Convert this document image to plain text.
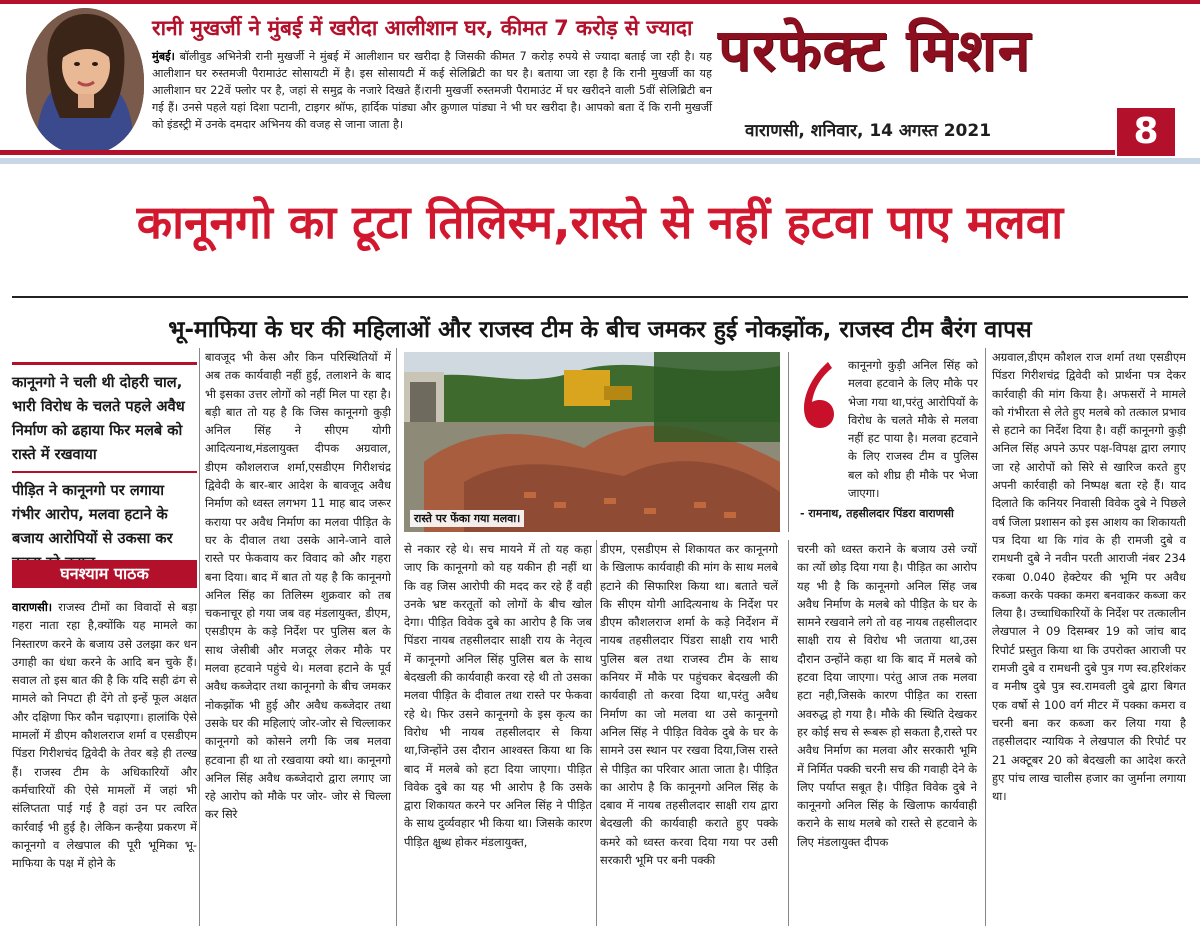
रानी मुखर्जी ने मुंबई में खरीदा आलीशान घर, कीमत 7 करोड़ से ज्यादा
मुंबई। बॉलीवुड अभिनेत्री रानी मुखर्जी ने मुंबई में आलीशान घर खरीदा है जिसकी कीमत 7 करोड़ रुपये से ज्यादा बताई जा रही है। यह आलीशान घर रुस्तमजी पैरामाउंट सोसायटी में है। इस सोसायटी में कई सेलिब्रिटी का घर है। बताया जा रहा है कि रानी मुखर्जी का यह आलीशान घर 22वें फ्लोर पर है, जहां से समुद्र के नजारे दिखते हैं।रानी मुखर्जी रुस्तमजी पैरामाउंट में घर खरीदने वाली 5वीं सेलिब्रिटी बन गई हैं। उनसे पहले यहां दिशा पटानी, टाइगर श्रॉफ, हार्दिक पांड्या और क्रुणाल पांड्या ने भी घर खरीदा है। आपको बता दें कि रानी मुखर्जी को इंडस्ट्री में उनके दमदार अभिनय की वजह से जाना जाता है।
परफेक्ट मिशन
वाराणसी, शनिवार, 14 अगस्त 2021	8
कानूनगो का टूटा तिलिस्म,रास्ते से नहीं हटवा पाए मलवा
भू-माफिया के घर की महिलाओं और राजस्व टीम के बीच जमकर हुई नोकझोंक, राजस्व टीम बैरंग वापस
कानूनगो ने चली थी दोहरी चाल, भारी विरोध के चलते पहले अवैध निर्माण को ढहाया फिर मलबे को रास्ते में रखवाया
पीड़ित ने कानूनगो पर लगाया गंभीर आरोप, मलवा हटाने के बजाय आरोपियों से उकसा कर
घनश्याम पाठक
वाराणसी। राजस्व टीमों का विवादों से बड़ा गहरा नाता रहा है,क्योंकि यह मामले का निस्तारण करने के बजाय उसे उलझा कर धन उगाही का धंधा करने के आदि बन चुके हैं। सवाल तो इस बात की है कि यदि सही ढंग से मामले को निपटा ही देंगे तो इन्हें फूल अक्षत और दक्षिणा फिर कौन चढ़ाएगा। हालांकि ऐसे मामलों में डीएम कौशलराज शर्मा व एसडीएम पिंडरा गिरीशचंद द्विवेदी के तेवर बड़े ही तल्ख हैं। राजस्व टीम के अधिकारियों और कर्मचारियों की ऐसे मामलों में जहां भी संलिप्तता पाई गई है वहां उन पर त्वरित कार्रवाई भी हुई है। लेकिन कन्हैया प्रकरण में कानूनगो व लेखपाल की पूरी भूमिका भू-माफिया के पक्ष में होने के
बावजूद भी केस और किन परिस्थितियों में अब तक कार्यवाही नहीं हुई, तलाशने के बाद भी इसका उत्तर लोगों को नहीं मिल पा रहा है। बड़ी बात तो यह है कि जिस कानूनगो कुड़ी अनिल सिंह ने सीएम योगी आदित्यनाथ,मंडलायुक्त दीपक अग्रवाल, डीएम कौशलराज शर्मा,एसडीएम गिरीशचंद्र द्विवेदी के बार-बार आदेश के बावजूद अवैध निर्माण को ध्वस्त लगभग 11 माह बाद जरूर कराया पर अवैध निर्माण का मलवा पीड़ित के घर के दीवाल तथा उसके आने-जाने वाले रास्ते पर फेकवाय कर विवाद को और गहरा बना दिया। बाद में बात तो यह है कि कानूनगो अनिल सिंह का तिलिस्म शुक्रवार को तब चकनाचूर हो गया जब वह मंडलायुक्त, डीएम, एसडीएम के कड़े निर्देश पर पुलिस बल के साथ जेसीबी और मजदूर लेकर मौके पर मलवा हटवाने पहुंचे थे। मलवा हटाने के पूर्व अवैध कब्जेदार तथा कानूनगो के बीच जमकर नोकझोंक भी हुई और अवैध कब्जेदार तथा उसके घर की महिलाएं जोर-जोर से चिल्लाकर कानूनगो को कोसने लगी कि जब मलवा हटवाना ही था तो रखवाया क्यो था। कानूनगो अनिल सिंह अवैध कब्जेदारो द्वारा लगाए जा रहे आरोप को मौके पर जोर- जोर से चिल्ला कर सिरे
रास्ते पर फेंका गया मलवा।
कानूनगो कुड़ी अनिल सिंह को मलवा हटवाने के लिए मौके पर भेजा गया था,परंतु आरोपियों के विरोध के चलते मौके से मलवा नहीं हट पाया है। मलवा हटवाने के लिए राजस्व टीम व पुलिस बल को शीघ्र ही मौके पर भेजा जाएगा।
- रामनाथ, तहसीलदार पिंडरा वाराणसी
से नकार रहे थे। सच मायने में तो यह कहा जाए कि कानूनगो को यह यकीन ही नहीं था कि वह जिस आरोपी की मदद कर रहे हैं वही उनके भ्रष्ट करतूतों को लोगों के बीच खोल देगा। पीड़ित विवेक दुबे का आरोप है कि जब पिंडरा नायब तहसीलदार साक्षी राय के नेतृत्व में कानूनगो अनिल सिंह पुलिस बल के साथ बेदखली की कार्यवाही करवा रहे थी तो उसका मलवा पीड़ित के दीवाल तथा रास्ते पर फेकवा रहे थे। फिर उसने कानूनगो के इस कृत्य का विरोध भी नायब तहसीलदार से किया था,जिन्होंने उस दौरान आश्वस्त किया था कि बाद में मलबे को हटा दिया जाएगा। पीड़ित विवेक दुबे का यह भी आरोप है कि उसके द्वारा शिकायत करने पर अनिल सिंह ने पीड़ित के साथ दुर्व्यवहार भी किया था। जिसके कारण पीड़ित क्षुब्ध होकर मंडलायुक्त,
डीएम, एसडीएम से शिकायत कर कानूनगो के खिलाफ कार्यवाही की मांग के साथ मलबे हटाने की सिफारिश किया था। बताते चलें कि सीएम योगी आदित्यनाथ के निर्देश पर डीएम कौशलराज शर्मा के कड़े निर्देशन में नायब तहसीलदार पिंडरा साक्षी राय भारी पुलिस बल तथा राजस्व टीम के साथ कनियर में मौके पर पहुंचकर बेदखली की कार्यवाही तो करवा दिया था,परंतु अवैध निर्माण का जो मलवा था उसे कानूनगो अनिल सिंह ने पीड़ित विवेक दुबे के घर के सामने उस स्थान पर रखवा दिया,जिस रास्ते से पीड़ित का परिवार आता जाता है। पीड़ित का आरोप है कि कानूनगो अनिल सिंह के दबाव में नायब तहसीलदार साक्षी राय द्वारा बेदखली की कार्यवाही कराते हुए पक्के कमरे को ध्वस्त करवा दिया गया पर उसी सरकारी भूमि पर बनी पक्की
चरनी को ध्वस्त कराने के बजाय उसे ज्यों का त्यों छोड़ दिया गया है। पीड़ित का आरोप यह भी है कि कानूनगो अनिल सिंह जब अवैध निर्माण के मलबे को पीड़ित के घर के सामने रखवाने लगे तो वह नायब तहसीलदार साक्षी राय से विरोध भी जताया था,उस दौरान उन्होंने कहा था कि बाद में मलबे को हटवा दिया जाएगा। परंतु आज तक मलवा हटा नही,जिसके कारण पीड़ित का रास्ता अवरुद्ध हो गया है। मौके की स्थिति देखकर हर कोई सच से रूबरू हो सकता है,रास्ते पर अवैध निर्माण का मलवा और सरकारी भूमि में निर्मित पक्की चरनी सच की गवाही देने के लिए पर्याप्त सबूत है। पीड़ित विवेक दुबे ने कानूनगो अनिल सिंह के खिलाफ कार्यवाही कराने के साथ मलबे को रास्ते से हटवाने के लिए मंडलायुक्त दीपक
अग्रवाल,डीएम कौशल राज शर्मा तथा एसडीएम पिंडरा गिरीशचंद्र द्विवेदी को प्रार्थना पत्र देकर कार्रवाही की मांग किया है। अफसरों ने मामले को गंभीरता से लेते हुए मलबे को तत्काल प्रभाव से हटाने का निर्देश दिया है। वहीं कानूनगो कुड़ी अनिल सिंह अपने ऊपर पक्ष-विपक्ष द्वारा लगाए जा रहे आरोपों को सिरे से खारिज करते हुए अपनी कार्रवाही को निष्पक्ष बता रहे हैं। याद दिलाते कि कनियर निवासी विवेक दुबे ने पिछले वर्ष जिला प्रशासन को इस आशय का शिकायती पत्र दिया था कि गांव के ही रामजी दुबे व रामधनी दुबे ने नवीन परती आराजी नंबर 234 रकबा 0.040 हेक्टेयर की भूमि पर अवैध कब्जा करके पक्का कमरा बनवाकर कब्जा कर लिया है। उच्चाधिकारियों के निर्देश पर तत्कालीन लेखपाल ने 09 दिसम्बर 19 को जांच बाद रिपोर्ट प्रस्तुत किया था कि उपरोक्त आराजी पर रामजी दुबे व रामधनी दुबे पुत्र गण स्व.हरिशंकर व मनीष दुबे पुत्र स्व.रामवली दुबे द्वारा बिगत एक वर्षो से 100 वर्ग मीटर में पक्का कमरा व चरनी बना कर कब्जा कर लिया गया है तहसीलदार न्यायिक ने लेखपाल की रिपोर्ट पर 21 अक्टूबर 20 को बेदखली का आदेश करते हुए पांच लाख चालीस हजार का जुर्माना लगाया था।
